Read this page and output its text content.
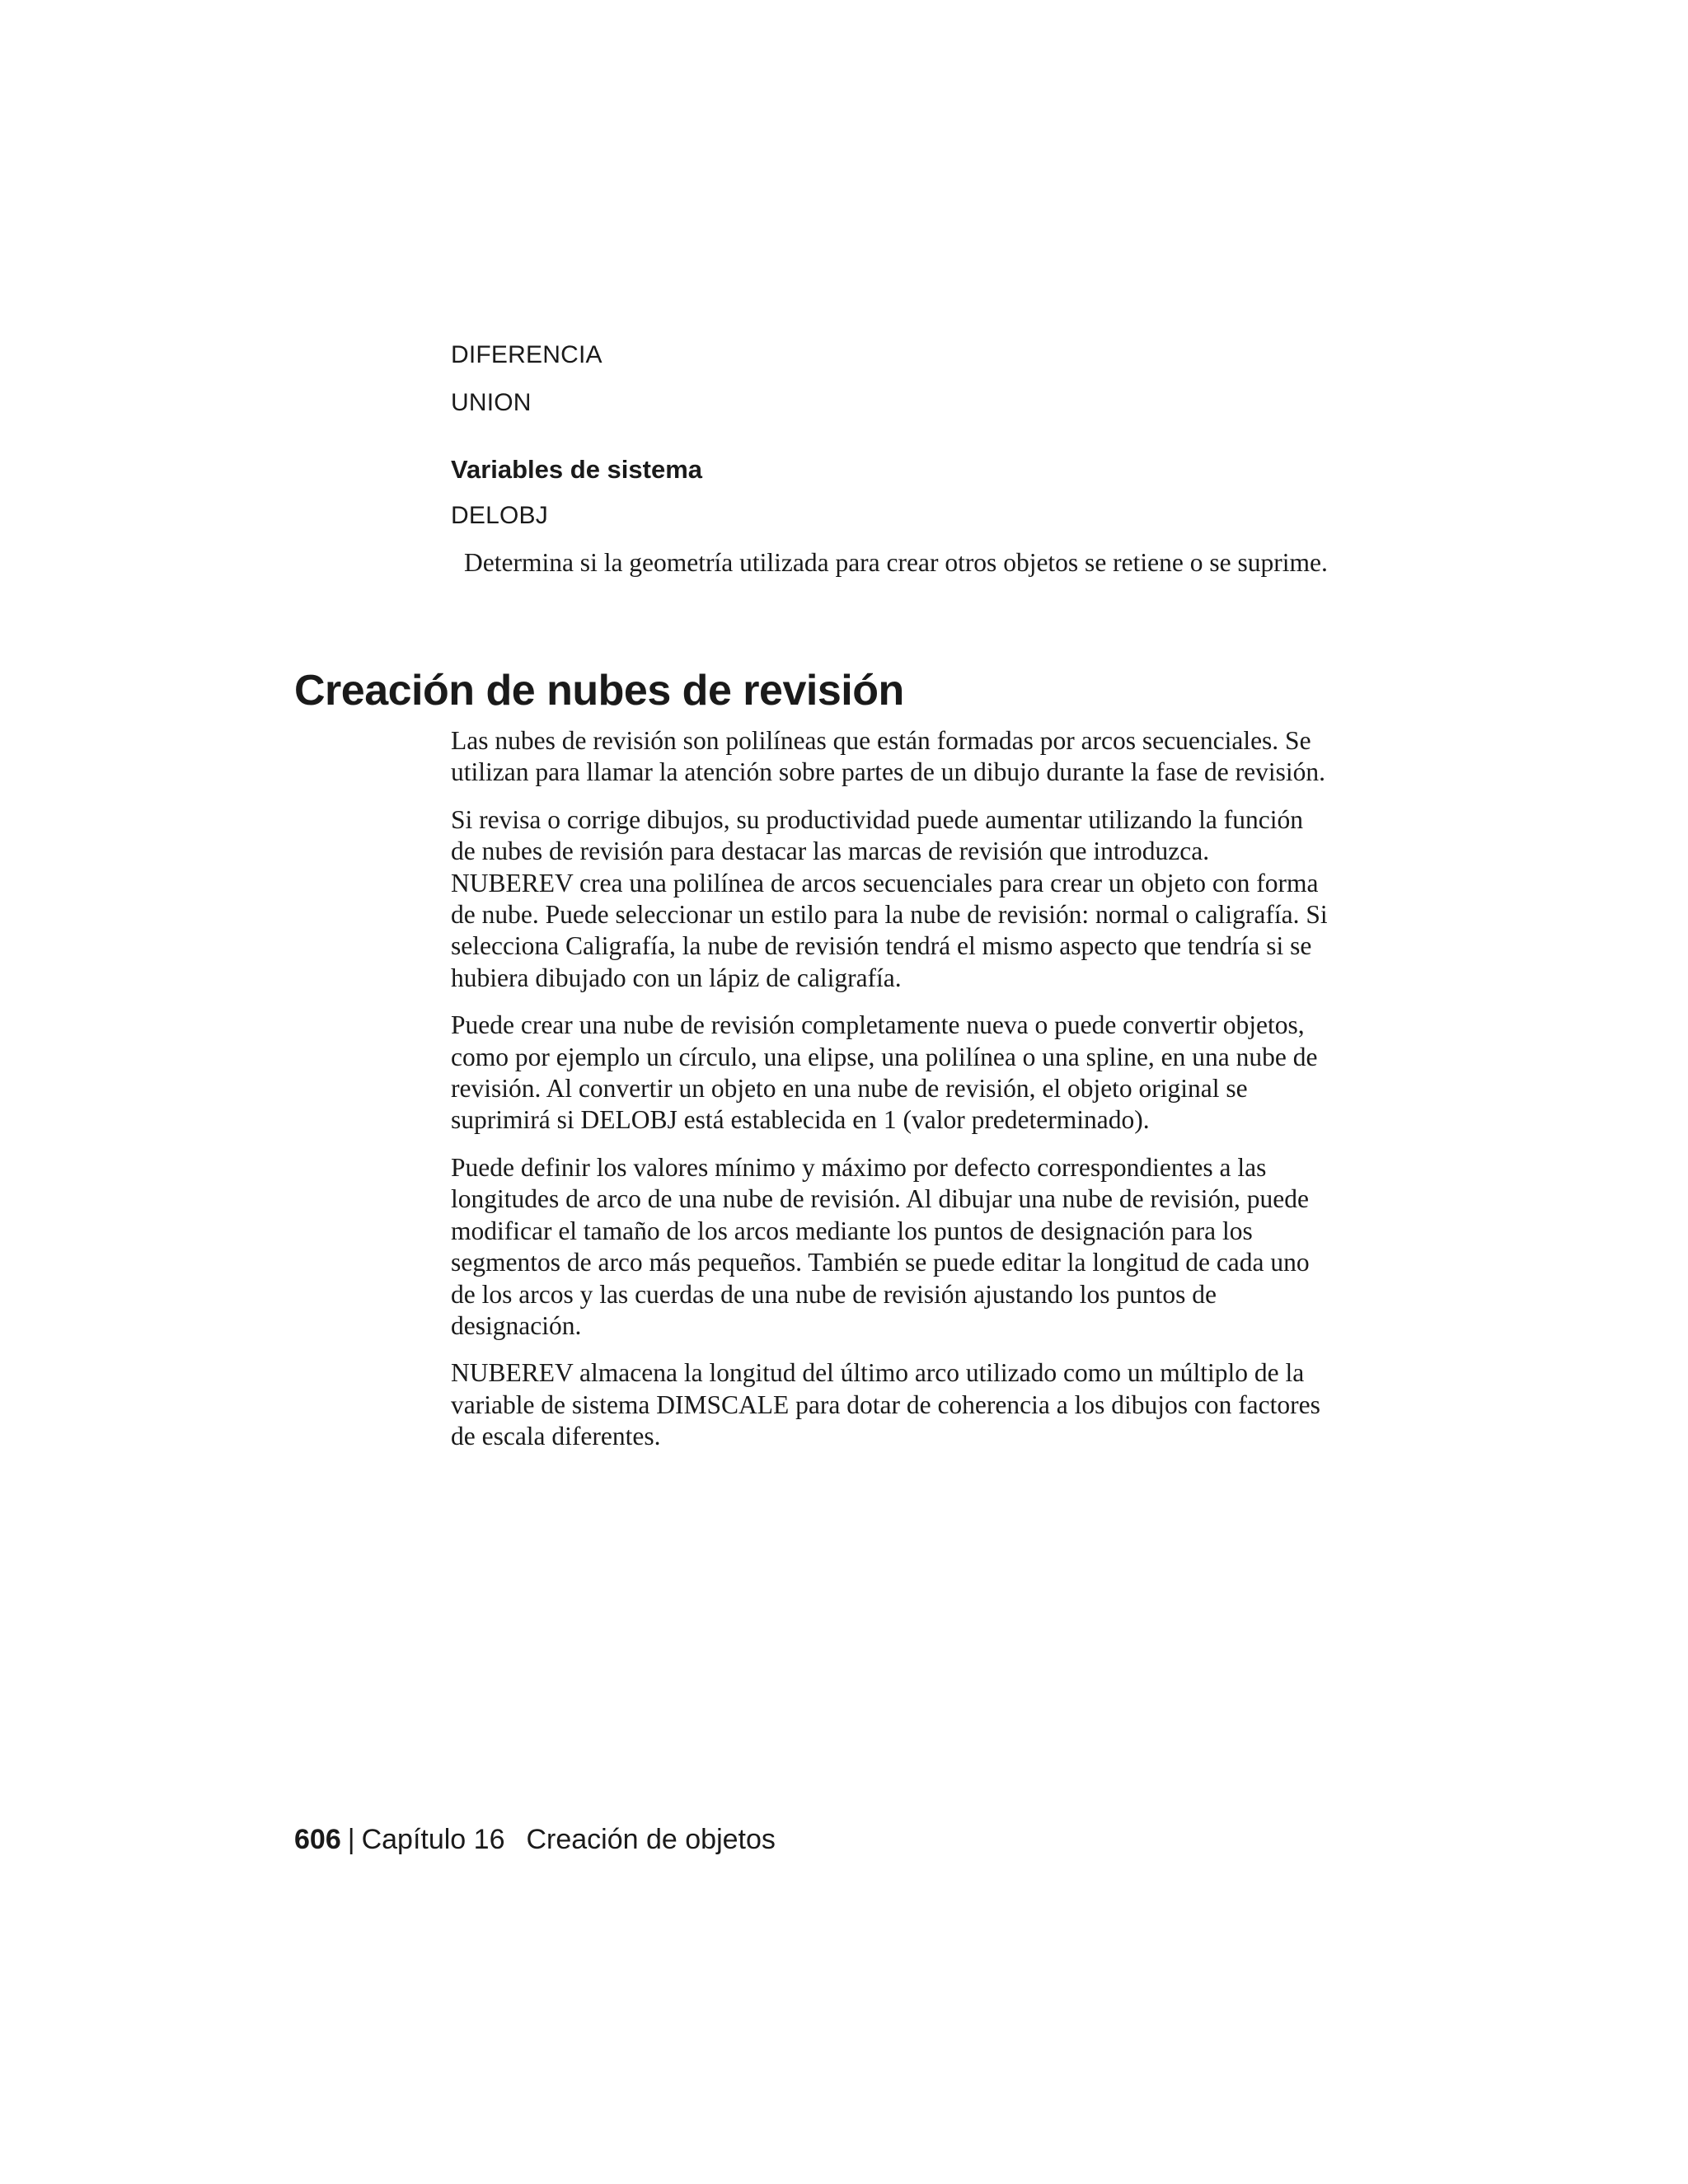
DIFERENCIA
UNION
Variables de sistema
DELOBJ

Determina si la geometría utilizada para crear otros objetos se retiene o se suprime.

Creación de nubes de revisión

Las nubes de revisión son polilíneas que están formadas por arcos secuenciales. Se utilizan para llamar la atención sobre partes de un dibujo durante la fase de revisión.

Si revisa o corrige dibujos, su productividad puede aumentar utilizando la función de nubes de revisión para destacar las marcas de revisión que introduzca. NUBEREV crea una polilínea de arcos secuenciales para crear un objeto con forma de nube. Puede seleccionar un estilo para la nube de revisión: normal o caligrafía. Si selecciona Caligrafía, la nube de revisión tendrá el mismo aspecto que tendría si se hubiera dibujado con un lápiz de caligrafía.

Puede crear una nube de revisión completamente nueva o puede convertir objetos, como por ejemplo un círculo, una elipse, una polilínea o una spline, en una nube de revisión. Al convertir un objeto en una nube de revisión, el objeto original se suprimirá si DELOBJ está establecida en 1 (valor predeterminado).

Puede definir los valores mínimo y máximo por defecto correspondientes a las longitudes de arco de una nube de revisión. Al dibujar una nube de revisión, puede modificar el tamaño de los arcos mediante los puntos de designación para los segmentos de arco más pequeños. También se puede editar la longitud de cada uno de los arcos y las cuerdas de una nube de revisión ajustando los puntos de designación.

NUBEREV almacena la longitud del último arco utilizado como un múltiplo de la variable de sistema DIMSCALE para dotar de coherencia a los dibujos con factores de escala diferentes.

606 | Capítulo 16 Creación de objetos
